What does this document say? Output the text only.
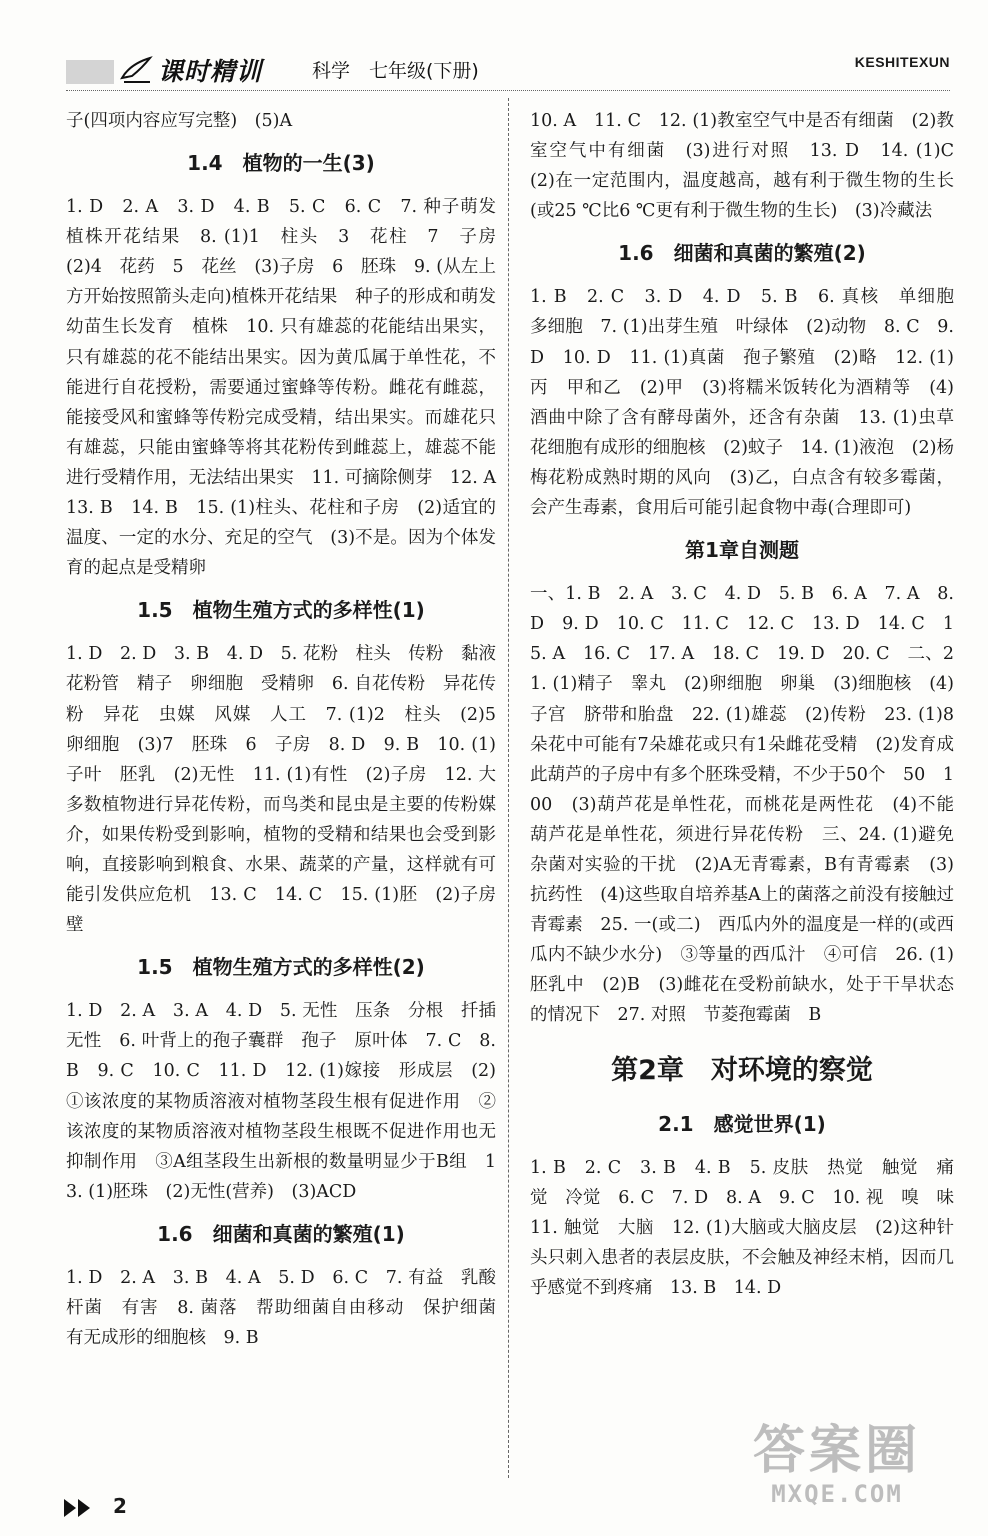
课时精训	科学　七年级(下册)	KESHITEXUN

子(四项内容应写完整)　(5)A

1.4　植物的一生(3)

1. D　2. A　3. D　4. B　5. C　6. C　7. 种子萌发　植株开花结果　8. (1)1　柱头　3　花柱　7　子房　(2)4　花药　5　花丝　(3)子房　6　胚珠　9. (从左上方开始按照箭头走向)植株开花结果　种子的形成和萌发　幼苗生长发育　植株　10. 只有雄蕊的花能结出果实，只有雄蕊的花不能结出果实。因为黄瓜属于单性花，不能进行自花授粉，需要通过蜜蜂等传粉。雌花有雌蕊，能接受风和蜜蜂等传粉完成受精，结出果实。而雄花只有雄蕊，只能由蜜蜂等将其花粉传到雌蕊上，雄蕊不能进行受精作用，无法结出果实　11. 可摘除侧芽　12. A　13. B　14. B　15. (1)柱头、花柱和子房　(2)适宜的温度、一定的水分、充足的空气　(3)不是。因为个体发育的起点是受精卵

1.5　植物生殖方式的多样性(1)

1. D　2. D　3. B　4. D　5. 花粉　柱头　传粉　黏液　花粉管　精子　卵细胞　受精卵　6. 自花传粉　异花传粉　异花　虫媒　风媒　人工　7. (1)2　柱头　(2)5　卵细胞　(3)7　胚珠　6　子房　8. D　9. B　10. (1)子叶　胚乳　(2)无性　11. (1)有性　(2)子房　12. 大多数植物进行异花传粉，而鸟类和昆虫是主要的传粉媒介，如果传粉受到影响，植物的受精和结果也会受到影响，直接影响到粮食、水果、蔬菜的产量，这样就有可能引发供应危机　13. C　14. C　15. (1)胚　(2)子房壁

1.5　植物生殖方式的多样性(2)

1. D　2. A　3. A　4. D　5. 无性　压条　分根　扦插　无性　6. 叶背上的孢子囊群　孢子　原叶体　7. C　8. B　9. C　10. C　11. D　12. (1)嫁接　形成层　(2)①该浓度的某物质溶液对植物茎段生根有促进作用　②该浓度的某物质溶液对植物茎段生根既不促进作用也无抑制作用　③A组茎段生出新根的数量明显少于B组　13. (1)胚珠　(2)无性(营养)　(3)ACD

1.6　细菌和真菌的繁殖(1)

1. D　2. A　3. B　4. A　5. D　6. C　7. 有益　乳酸杆菌　有害　8. 菌落　帮助细菌自由移动　保护细菌　有无成形的细胞核　9. B

10. A　11. C　12. (1)教室空气中是否有细菌　(2)教室空气中有细菌　(3)进行对照　13. D　14. (1)C　(2)在一定范围内，温度越高，越有利于微生物的生长(或25 ℃比6 ℃更有利于微生物的生长)　(3)冷藏法

1.6　细菌和真菌的繁殖(2)

1. B　2. C　3. D　4. D　5. B　6. 真核　单细胞　多细胞　7. (1)出芽生殖　叶绿体　(2)动物　8. C　9. D　10. D　11. (1)真菌　孢子繁殖　(2)略　12. (1)丙　甲和乙　(2)甲　(3)将糯米饭转化为酒精等　(4)酒曲中除了含有酵母菌外，还含有杂菌　13. (1)虫草花细胞有成形的细胞核　(2)蚊子　14. (1)液泡　(2)杨梅花粉成熟时期的风向　(3)乙，白点含有较多霉菌，会产生毒素，食用后可能引起食物中毒(合理即可)

第1章自测题

一、1. B　2. A　3. C　4. D　5. B　6. A　7. A　8. D　9. D　10. C　11. C　12. C　13. D　14. C　15. A　16. C　17. A　18. C　19. D　20. C　二、21. (1)精子　睾丸　(2)卵细胞　卵巢　(3)细胞核　(4)子宫　脐带和胎盘　22. (1)雄蕊　(2)传粉　23. (1)8朵花中可能有7朵雄花或只有1朵雌花受精　(2)发育成此葫芦的子房中有多个胚珠受精，不少于50个　50　100　(3)葫芦花是单性花，而桃花是两性花　(4)不能　葫芦花是单性花，须进行异花传粉　三、24. (1)避免杂菌对实验的干扰　(2)A无青霉素，B有青霉素　(3)抗药性　(4)这些取自培养基A上的菌落之前没有接触过青霉素　25. 一(或二)　西瓜内外的温度是一样的(或西瓜内不缺少水分)　③等量的西瓜汁　④可信　26. (1)胚乳中　(2)B　(3)雌花在受粉前缺水，处于干旱状态的情况下　27. 对照　节菱孢霉菌　B

第2章　对环境的察觉
2.1　感觉世界(1)

1. B　2. C　3. B　4. B　5. 皮肤　热觉　触觉　痛觉　冷觉　6. C　7. D　8. A　9. C　10. 视　嗅　味　11. 触觉　大脑　12. (1)大脑或大脑皮层　(2)这种针头只刺入患者的表层皮肤，不会触及神经末梢，因而几乎感觉不到疼痛　13. B　14. D

2
答案圈
MXQE.COM
